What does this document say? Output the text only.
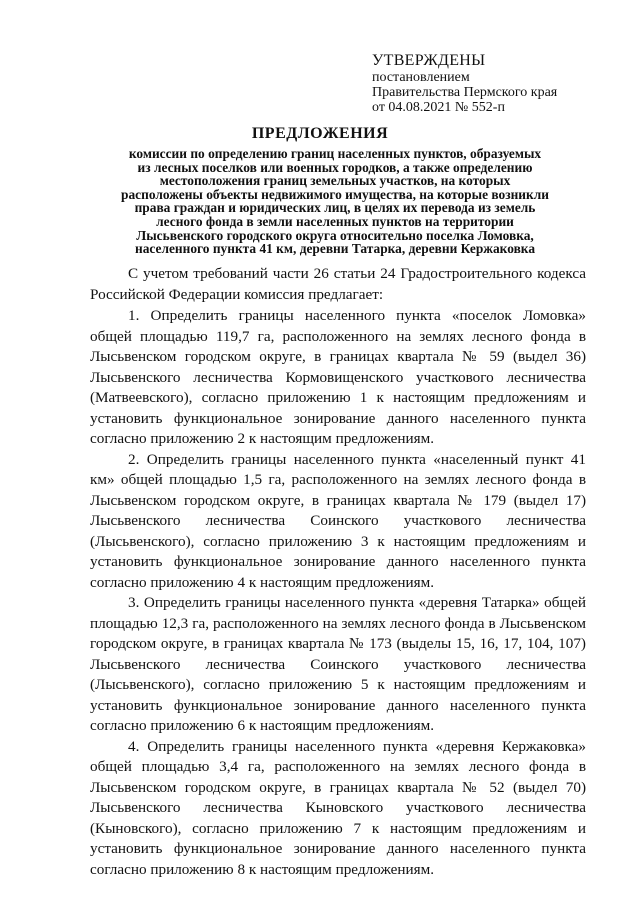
УТВЕРЖДЕНЫ
постановлением
Правительства Пермского края
от 04.08.2021 № 552-п
ПРЕДЛОЖЕНИЯ
комиссии по определению границ населенных пунктов, образуемых
из лесных поселков или военных городков, а также определению
местоположения границ земельных участков, на которых
расположены объекты недвижимого имущества, на которые возникли
права граждан и юридических лиц, в целях их перевода из земель
лесного фонда в земли населенных пунктов на территории
Лысьвенского городского округа относительно поселка Ломовка,
населенного пункта 41 км, деревни Татарка, деревни Кержаковка

С учетом требований части 26 статьи 24 Градостроительного кодекса Российской Федерации комиссия предлагает:

1. Определить границы населенного пункта «поселок Ломовка» общей площадью 119,7 га, расположенного на землях лесного фонда в Лысьвенском городском округе, в границах квартала № 59 (выдел 36) Лысьвенского лесничества Кормовищенского участкового лесничества (Матвеевского), согласно приложению 1 к настоящим предложениям и установить функциональное зонирование данного населенного пункта согласно приложению 2 к настоящим предложениям.

2. Определить границы населенного пункта «населенный пункт 41 км» общей площадью 1,5 га, расположенного на землях лесного фонда в Лысьвенском городском округе, в границах квартала № 179 (выдел 17) Лысьвенского лесничества Соинского участкового лесничества (Лысьвенского), согласно приложению 3 к настоящим предложениям и установить функциональное зонирование данного населенного пункта согласно приложению 4 к настоящим предложениям.

3. Определить границы населенного пункта «деревня Татарка» общей площадью 12,3 га, расположенного на землях лесного фонда в Лысьвенском городском округе, в границах квартала № 173 (выделы 15, 16, 17, 104, 107) Лысьвенского лесничества Соинского участкового лесничества (Лысьвенского), согласно приложению 5 к настоящим предложениям и установить функциональное зонирование данного населенного пункта согласно приложению 6 к настоящим предложениям.

4. Определить границы населенного пункта «деревня Кержаковка» общей площадью 3,4 га, расположенного на землях лесного фонда в Лысьвенском городском округе, в границах квартала № 52 (выдел 70) Лысьвенского лесничества Кыновского участкового лесничества (Кыновского), согласно приложению 7 к настоящим предложениям и установить функциональное зонирование данного населенного пункта согласно приложению 8 к настоящим предложениям.
